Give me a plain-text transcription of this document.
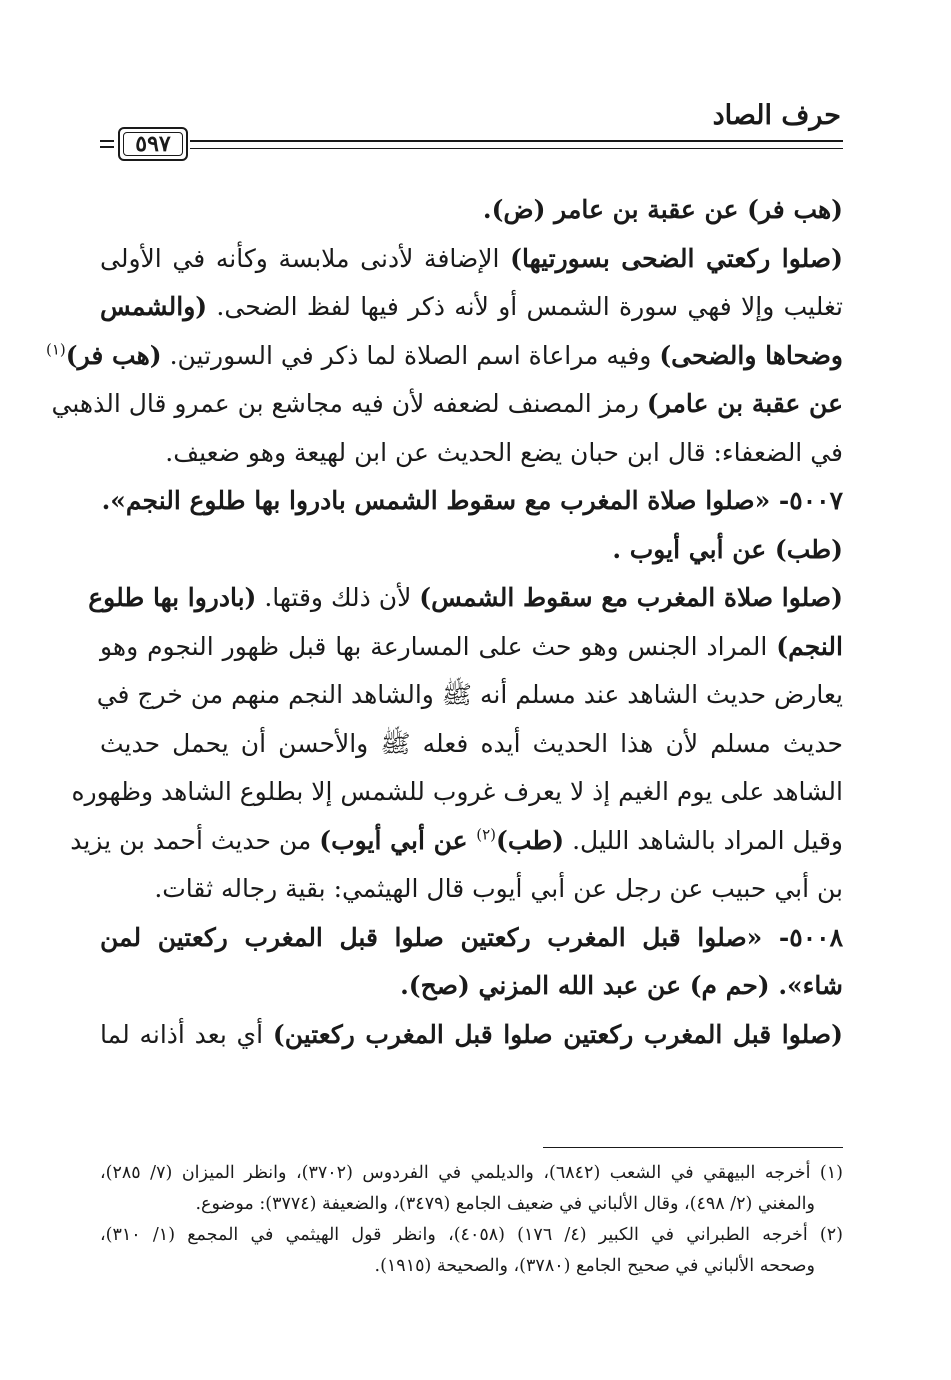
حرف الصاد
٥٩٧
(هب فر) عن عقبة بن عامر (ض).
(صلوا ركعتي الضحى بسورتيها) الإضافة لأدنى ملابسة وكأنه في الأولى
تغليب وإلا فهي سورة الشمس أو لأنه ذكر فيها لفظ الضحى. (والشمس
وضحاها والضحى) وفيه مراعاة اسم الصلاة لما ذكر في السورتين. (هب فر)$^{(١)}$
عن عقبة بن عامر) رمز المصنف لضعفه لأن فيه مجاشع بن عمرو قال الذهبي
في الضعفاء: قال ابن حبان يضع الحديث عن ابن لهيعة وهو ضعيف.
٥٠٠٧- «صلوا صلاة المغرب مع سقوط الشمس بادروا بها طلوع النجم».
(طب) عن أبي أيوب .
(صلوا صلاة المغرب مع سقوط الشمس) لأن ذلك وقتها. (بادروا بها طلوع
النجم) المراد الجنس وهو حث على المسارعة بها قبل ظهور النجوم وهو
يعارض حديث الشاهد عند مسلم أنه ﷺ والشاهد النجم منهم من خرج في
حديث مسلم لأن هذا الحديث أيده فعله ﷺ والأحسن أن يحمل حديث
الشاهد على يوم الغيم إذ لا يعرف غروب للشمس إلا بطلوع الشاهد وظهوره
وقيل المراد بالشاهد الليل. (طب)$^{(٢)}$ عن أبي أيوب) من حديث أحمد بن يزيد
بن أبي حبيب عن رجل عن أبي أيوب قال الهيثمي: بقية رجاله ثقات.
٥٠٠٨- «صلوا قبل المغرب ركعتين صلوا قبل المغرب ركعتين لمن
شاء». (حم م) عن عبد الله المزني (صح).
(صلوا قبل المغرب ركعتين صلوا قبل المغرب ركعتين) أي بعد أذانه لما
(١) أخرجه البيهقي في الشعب (٦٨٤٢)، والديلمي في الفردوس (٣٧٠٢)، وانظر الميزان (٧/ ٢٨٥)،
والمغني (٢/ ٤٩٨)، وقال الألباني في ضعيف الجامع (٣٤٧٩)، والضعيفة (٣٧٧٤): موضوع.
(٢) أخرجه الطبراني في الكبير (٤/ ١٧٦) (٤٠٥٨)، وانظر قول الهيثمي في المجمع (١/ ٣١٠)،
وصححه الألباني في صحيح الجامع (٣٧٨٠)، والصحيحة (١٩١٥).
